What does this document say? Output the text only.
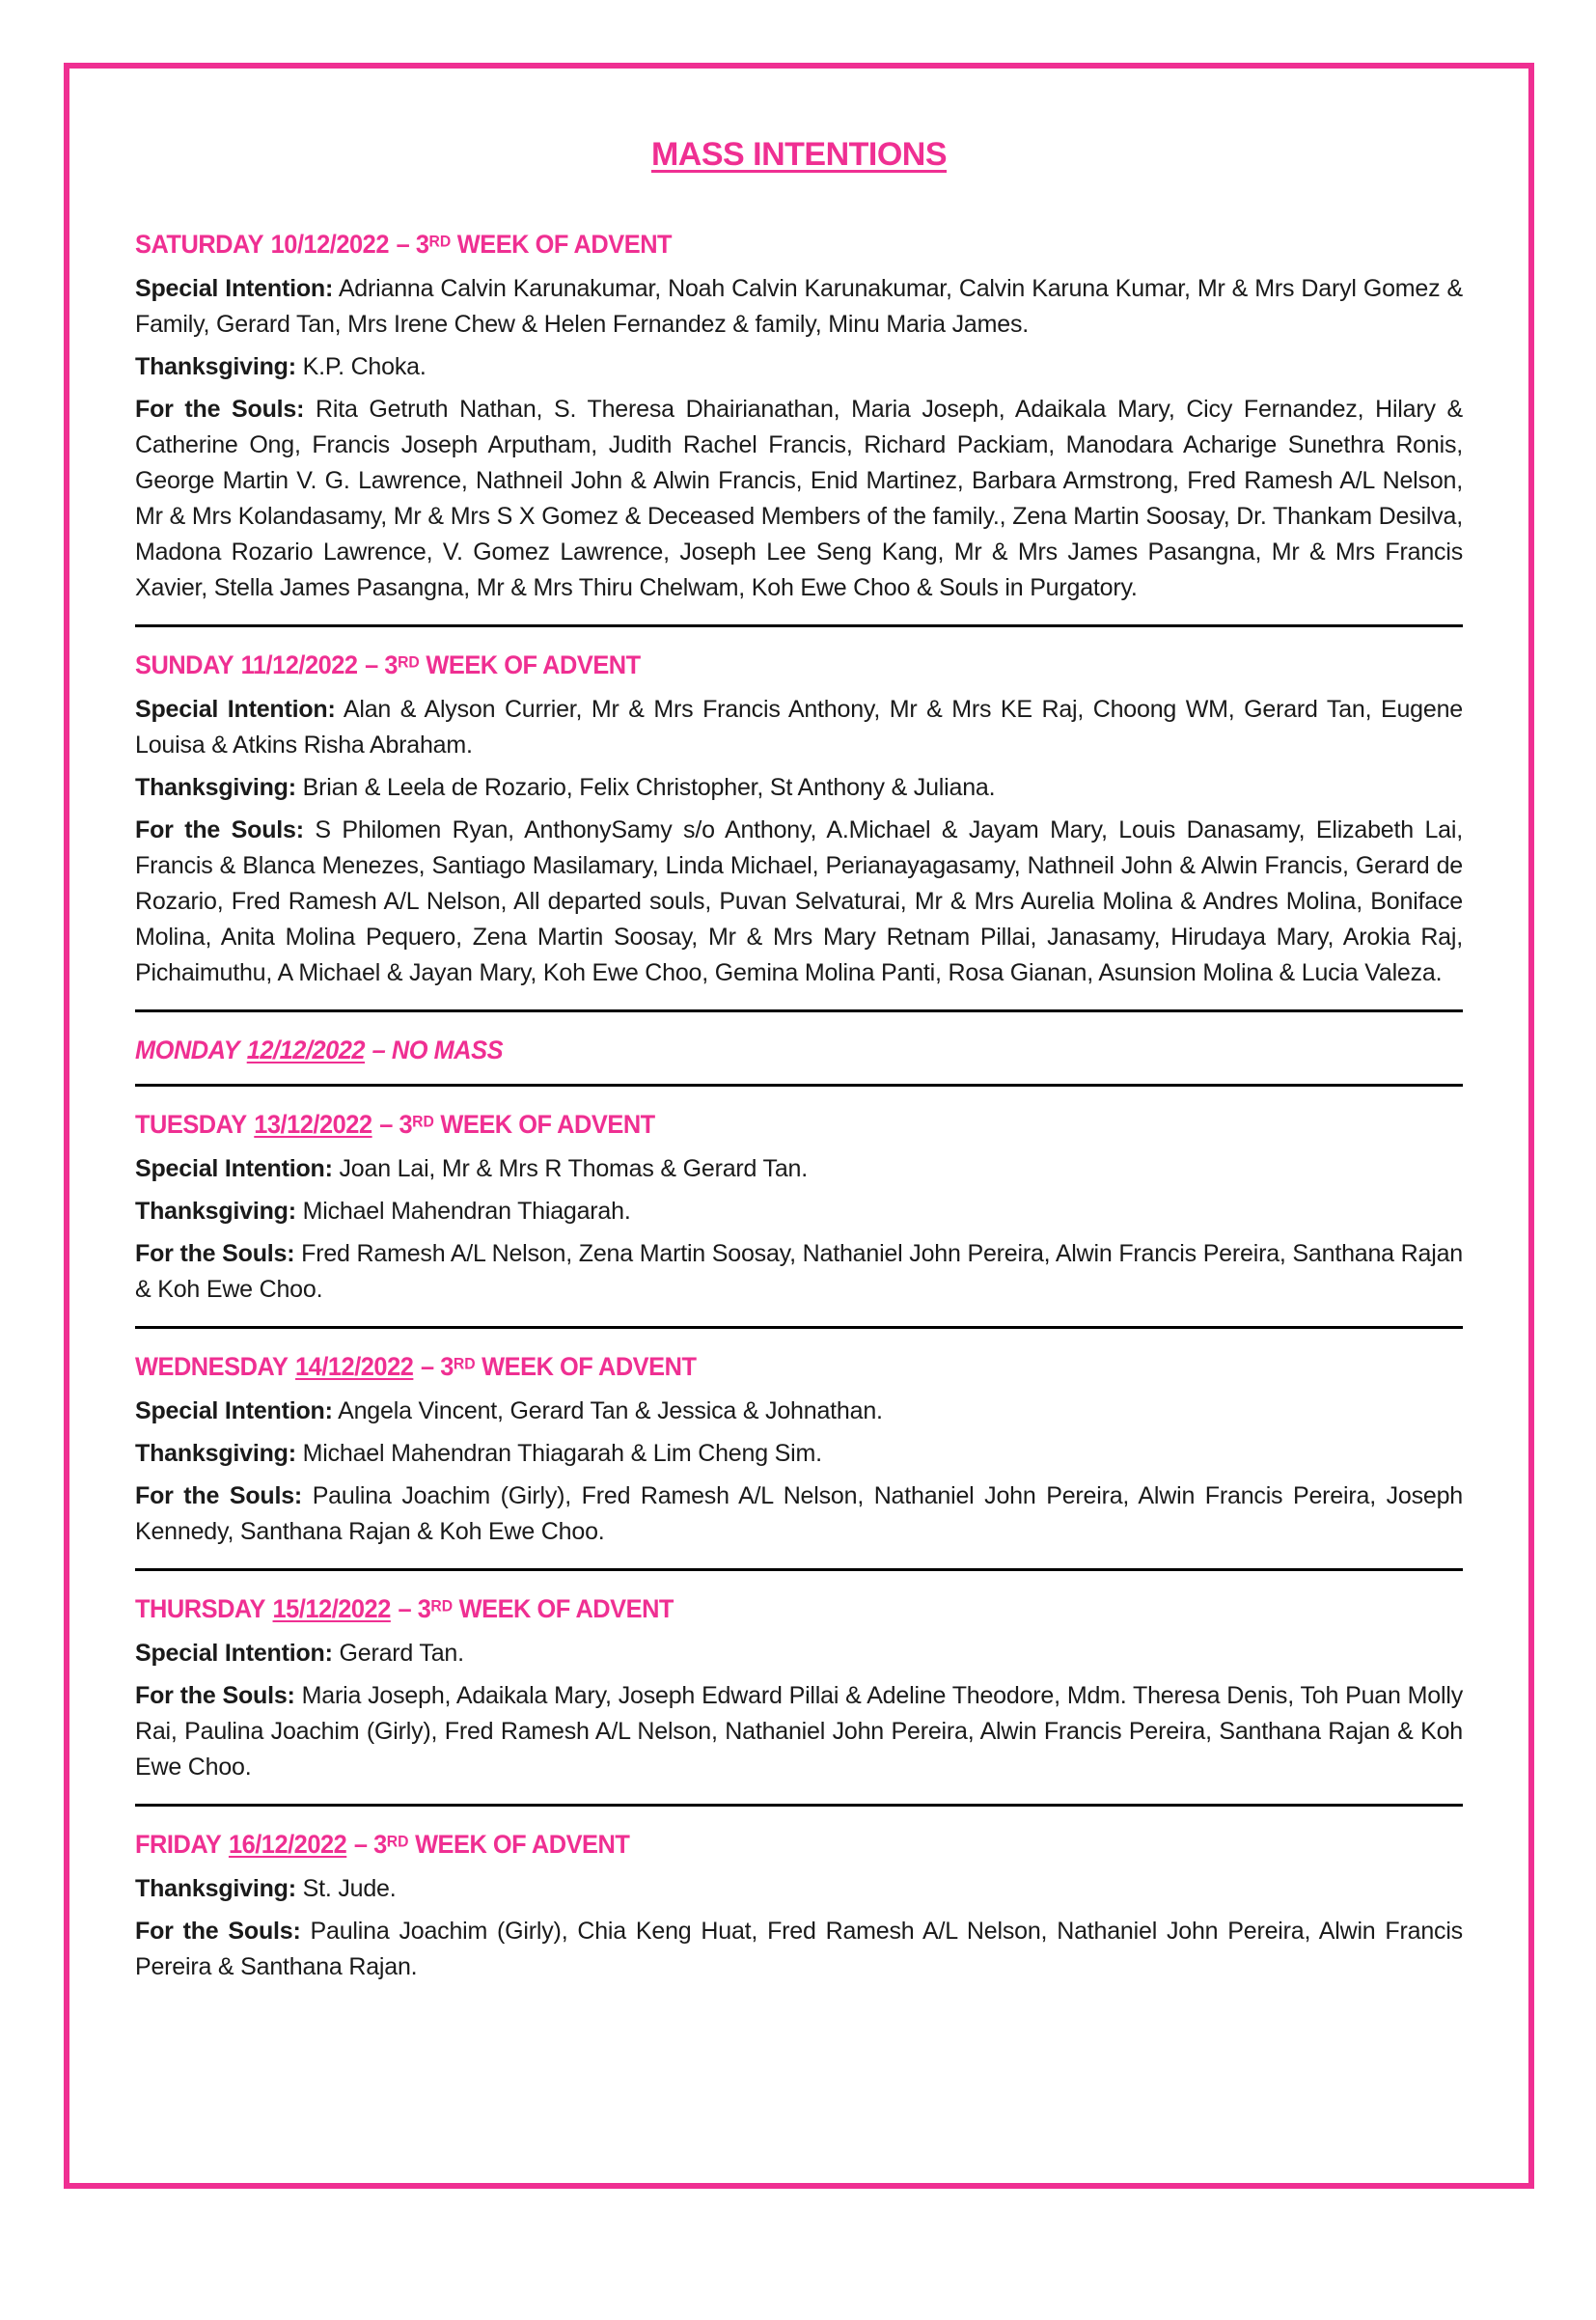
MASS INTENTIONS
SATURDAY 10/12/2022 – 3RD WEEK OF ADVENT

Special Intention: Adrianna Calvin Karunakumar, Noah Calvin Karunakumar, Calvin Karuna Kumar, Mr & Mrs Daryl Gomez & Family, Gerard Tan, Mrs Irene Chew & Helen Fernandez & family, Minu Maria James.

Thanksgiving: K.P. Choka.

For the Souls: Rita Getruth Nathan, S. Theresa Dhairianathan, Maria Joseph, Adaikala Mary, Cicy Fernandez, Hilary & Catherine Ong, Francis Joseph Arputham, Judith Rachel Francis, Richard Packiam, Manodara Acharige Sunethra Ronis, George Martin V. G. Lawrence, Nathneil John & Alwin Francis, Enid Martinez, Barbara Armstrong, Fred Ramesh A/L Nelson, Mr & Mrs Kolandasamy, Mr & Mrs S X Gomez & Deceased Members of the family., Zena Martin Soosay, Dr. Thankam Desilva, Madona Rozario Lawrence, V. Gomez Lawrence, Joseph Lee Seng Kang, Mr & Mrs James Pasangna, Mr & Mrs Francis Xavier, Stella James Pasangna, Mr & Mrs Thiru Chelwam, Koh Ewe Choo & Souls in Purgatory.

SUNDAY 11/12/2022 – 3RD WEEK OF ADVENT

Special Intention: Alan & Alyson Currier, Mr & Mrs Francis Anthony, Mr & Mrs KE Raj, Choong WM, Gerard Tan, Eugene Louisa & Atkins Risha Abraham.

Thanksgiving: Brian & Leela de Rozario, Felix Christopher, St Anthony & Juliana.

For the Souls: S Philomen Ryan, AnthonySamy s/o Anthony, A.Michael & Jayam Mary, Louis Danasamy, Elizabeth Lai, Francis & Blanca Menezes, Santiago Masilamary, Linda Michael, Perianayagasamy, Nathneil John & Alwin Francis, Gerard de Rozario, Fred Ramesh A/L Nelson, All departed souls, Puvan Selvaturai, Mr & Mrs Aurelia Molina & Andres Molina, Boniface Molina, Anita Molina Pequero, Zena Martin Soosay, Mr & Mrs Mary Retnam Pillai, Janasamy, Hirudaya Mary, Arokia Raj, Pichaimuthu, A Michael & Jayan Mary, Koh Ewe Choo, Gemina Molina Panti, Rosa Gianan, Asunsion Molina & Lucia Valeza.

MONDAY 12/12/2022 – NO MASS
TUESDAY 13/12/2022 – 3RD WEEK OF ADVENT

Special Intention: Joan Lai, Mr & Mrs R Thomas & Gerard Tan.

Thanksgiving: Michael Mahendran Thiagarah.

For the Souls: Fred Ramesh A/L Nelson, Zena Martin Soosay, Nathaniel John Pereira, Alwin Francis Pereira, Santhana Rajan & Koh Ewe Choo.

WEDNESDAY 14/12/2022 – 3RD WEEK OF ADVENT

Special Intention: Angela Vincent, Gerard Tan & Jessica & Johnathan.

Thanksgiving: Michael Mahendran Thiagarah & Lim Cheng Sim.

For the Souls: Paulina Joachim (Girly), Fred Ramesh A/L Nelson, Nathaniel John Pereira, Alwin Francis Pereira, Joseph Kennedy, Santhana Rajan & Koh Ewe Choo.

THURSDAY 15/12/2022 – 3RD WEEK OF ADVENT

Special Intention: Gerard Tan.

For the Souls: Maria Joseph, Adaikala Mary, Joseph Edward Pillai & Adeline Theodore, Mdm. Theresa Denis, Toh Puan Molly Rai, Paulina Joachim (Girly), Fred Ramesh A/L Nelson, Nathaniel John Pereira, Alwin Francis Pereira, Santhana Rajan & Koh Ewe Choo.

FRIDAY 16/12/2022 – 3RD WEEK OF ADVENT

Thanksgiving: St. Jude.

For the Souls: Paulina Joachim (Girly), Chia Keng Huat, Fred Ramesh A/L Nelson, Nathaniel John Pereira, Alwin Francis Pereira & Santhana Rajan.
